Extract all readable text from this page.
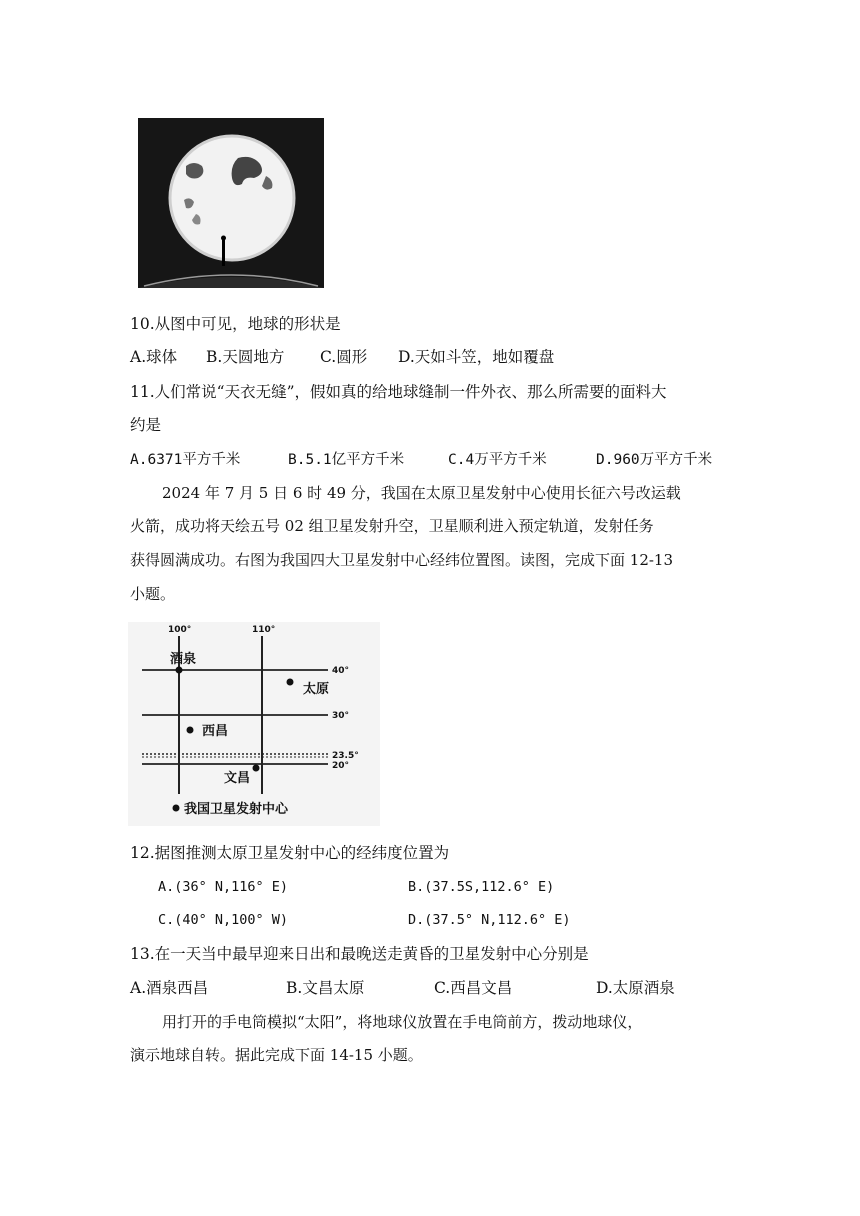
10.从图中可见，地球的形状是
A.球体 B.天圆地方 C.圆形 D.天如斗笠，地如覆盘
11.人们常说“天衣无缝”，假如真的给地球缝制一件外衣、那么所需要的面料大
约是
A.6371平方千米	B.5.1亿平方千米	C.4万平方千米	D.960万平方千米
2024 年 7 月 5 日 6 时 49 分，我国在太原卫星发射中心使用长征六号改运载
火箭，成功将天绘五号 02 组卫星发射升空，卫星顺利进入预定轨道，发射任务
获得圆满成功。右图为我国四大卫星发射中心经纬位置图。读图，完成下面 12-13
小题。
100°	110°
40°
30°
23.5°
20°
酒泉
太原
西昌
文昌
我国卫星发射中心
12.据图推测太原卫星发射中心的经纬度位置为
A.(36° N,116° E)	B.(37.5S,112.6° E)
C.(40° N,100° W)	D.(37.5° N,112.6° E)
13.在一天当中最早迎来日出和最晚送走黄昏的卫星发射中心分别是
A.酒泉西昌	B.文昌太原	C.西昌文昌	D.太原酒泉
用打开的手电筒模拟“太阳”，将地球仪放置在手电筒前方，拨动地球仪，
演示地球自转。据此完成下面 14-15 小题。
